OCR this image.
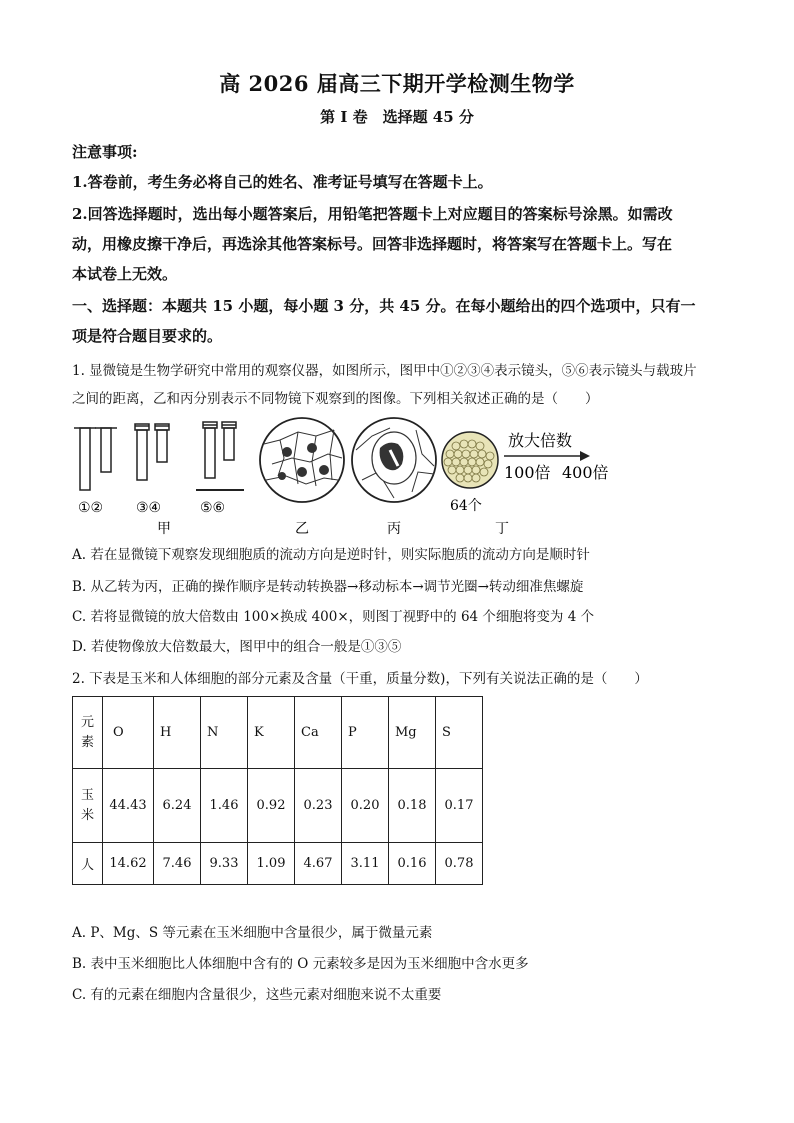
高 2026 届高三下期开学检测生物学
第 I 卷　选择题 45 分
注意事项:
1.答卷前，考生务必将自己的姓名、准考证号填写在答题卡上。
2.回答选择题时，选出每小题答案后，用铅笔把答题卡上对应题目的答案标号涂黑。如需改
动，用橡皮擦干净后，再选涂其他答案标号。回答非选择题时，将答案写在答题卡上。写在
本试卷上无效。
一、选择题：本题共 15 小题，每小题 3 分，共 45 分。在每小题给出的四个选项中，只有一
项是符合题目要求的。
1. 显微镜是生物学研究中常用的观察仪器，如图所示，图甲中①②③④表示镜头，⑤⑥表示镜头与载玻片
之间的距离，乙和丙分别表示不同物镜下观察到的图像。下列相关叙述正确的是（　　）
①② ③④	⑤⑥
甲	乙	丙	丁
64个
放大倍数
100倍 400倍
A. 若在显微镜下观察发现细胞质的流动方向是逆时针，则实际胞质的流动方向是顺时针
B. 从乙转为丙，正确的操作顺序是转动转换器→移动标本→调节光圈→转动细准焦螺旋
C. 若将显微镜的放大倍数由 100×换成 400×，则图丁视野中的 64 个细胞将变为 4 个
D. 若使物像放大倍数最大，图甲中的组合一般是①③⑤
2. 下表是玉米和人体细胞的部分元素及含量（干重，质量分数)，下列有关说法正确的是（　　）
元
素	O	H	N	K	Ca	P	Mg	S

玉
米	44.43	6.24	1.46	0.92	0.23	0.20	0.18	0.17
人	14.62	7.46	9.33	1.09	4.67	3.11	0.16	0.78
A. P、Mg、S 等元素在玉米细胞中含量很少，属于微量元素
B. 表中玉米细胞比人体细胞中含有的 O 元素较多是因为玉米细胞中含水更多
C. 有的元素在细胞内含量很少，这些元素对细胞来说不太重要
